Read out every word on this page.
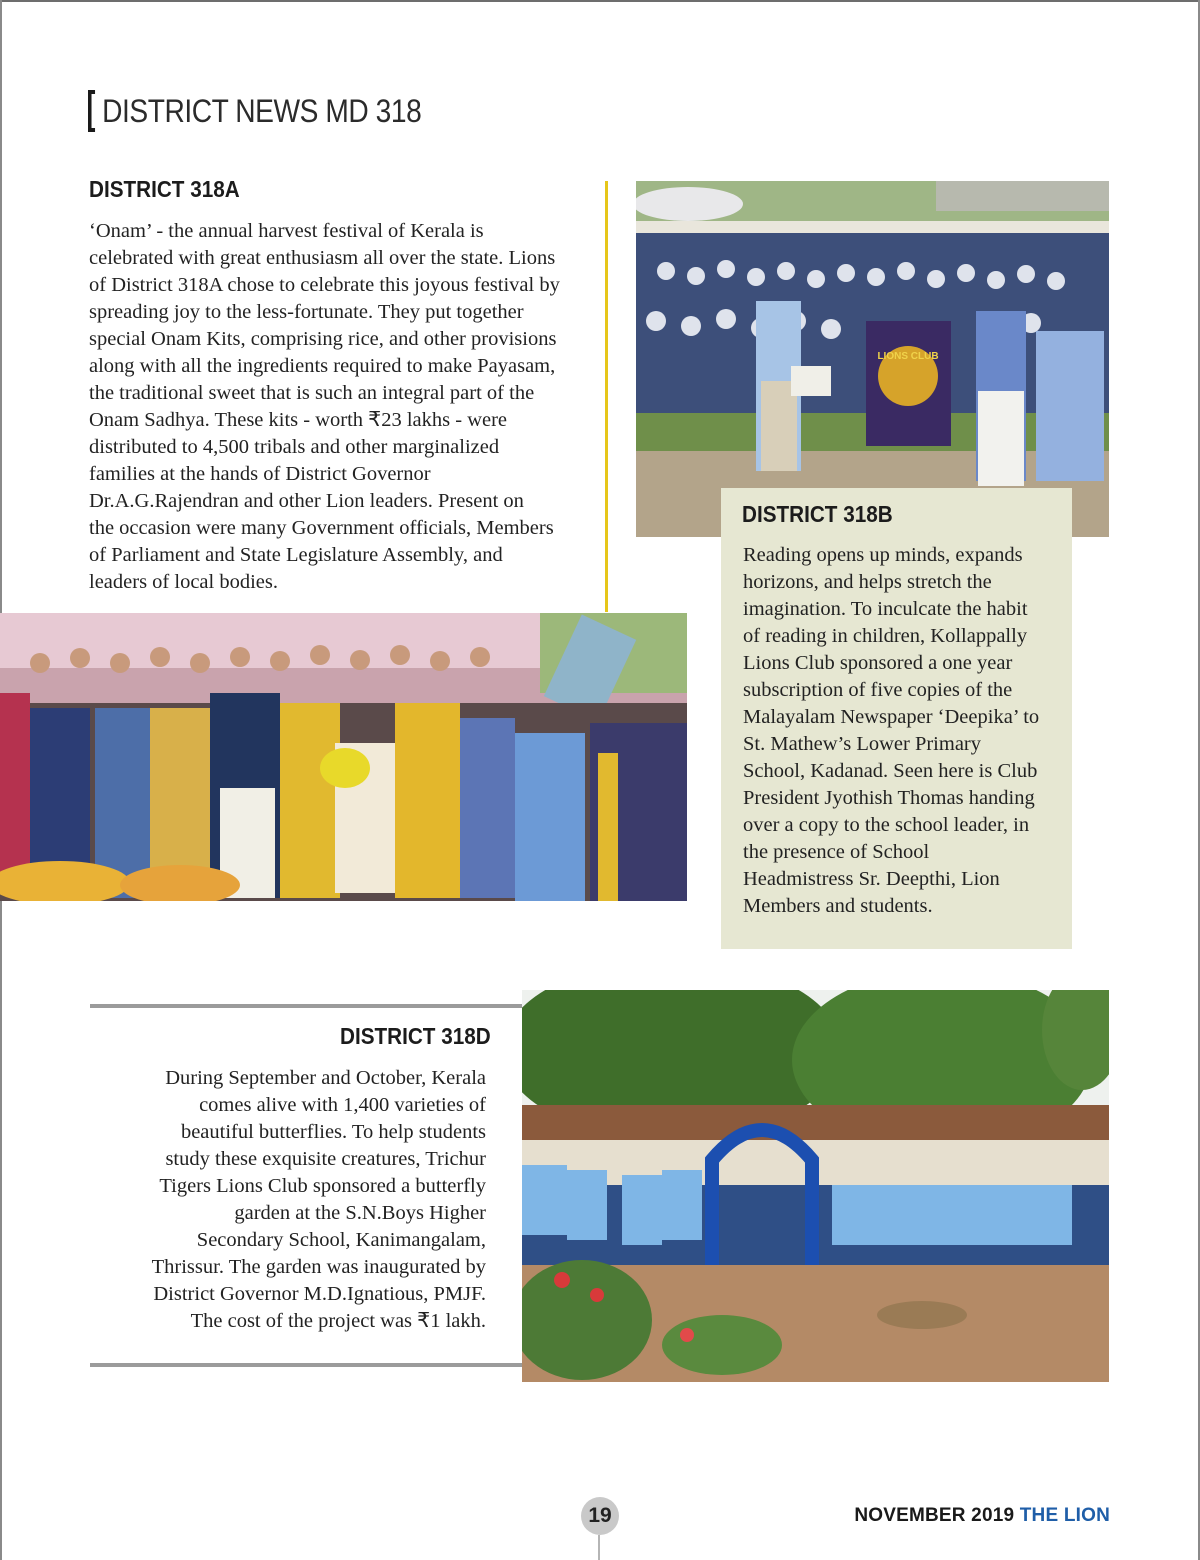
DISTRICT NEWS MD 318
DISTRICT 318A
‘Onam’ - the annual harvest festival of Kerala is
celebrated with great enthusiasm all over the state. Lions
of District 318A chose to celebrate this joyous festival by
spreading joy to the less-fortunate. They put together
special Onam Kits, comprising rice, and other provisions
along with all the ingredients required to make Payasam,
the traditional sweet that is such an integral part of the
Onam Sadhya. These kits - worth ₹23 lakhs - were
distributed to 4,500 tribals and other marginalized
families at the hands of District Governor
Dr.A.G.Rajendran and other Lion leaders. Present on
the occasion were many Government officials, Members
of Parliament and State Legislature Assembly, and
leaders of local bodies.
LIONS CLUB
DISTRICT 318B
Reading opens up minds, expands
horizons, and helps stretch the
imagination. To inculcate the habit
of reading in children, Kollappally
Lions Club sponsored a one year
subscription of five copies of the
Malayalam Newspaper ‘Deepika’ to
St. Mathew’s Lower Primary
School, Kadanad. Seen here is Club
President Jyothish Thomas handing
over a copy to the school leader, in
the presence of School
Headmistress Sr. Deepthi, Lion
Members and students.
DISTRICT 318D
During September and October, Kerala
comes alive with 1,400 varieties of
beautiful butterflies. To help students
study these exquisite creatures, Trichur
Tigers Lions Club sponsored a butterfly
garden at the S.N.Boys Higher
Secondary School, Kanimangalam,
Thrissur. The garden was inaugurated by
District Governor M.D.Ignatious, PMJF.
The cost of the project was ₹1 lakh.
19	NOVEMBER 2019 THE LION
